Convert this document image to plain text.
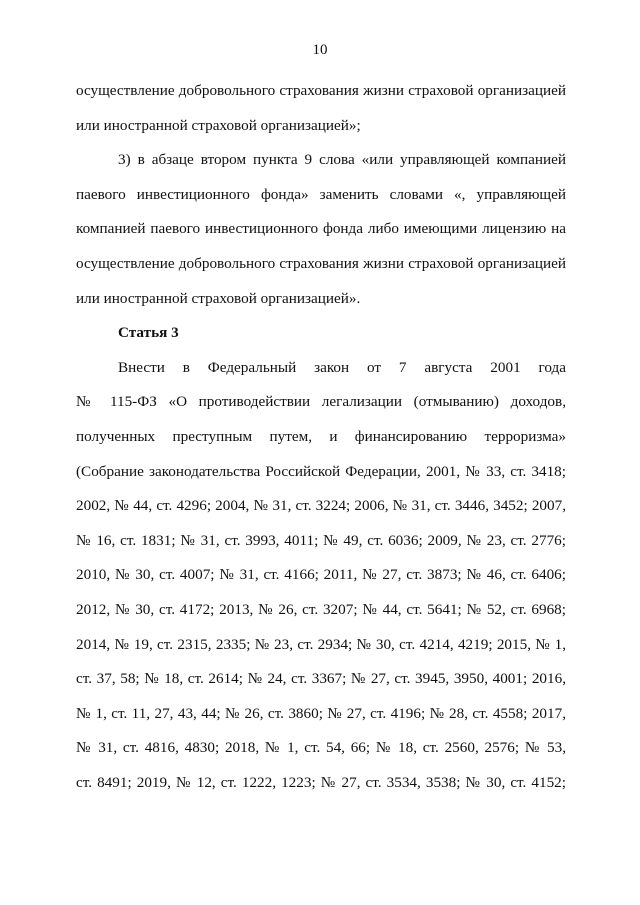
10
осуществление добровольного страхования жизни страховой организацией
или иностранной страховой организацией»;
3) в абзаце втором пункта 9 слова «или управляющей компанией
паевого инвестиционного фонда» заменить словами «, управляющей
компанией паевого инвестиционного фонда либо имеющими лицензию на
осуществление добровольного страхования жизни страховой организацией
или иностранной страховой организацией».
Статья 3
Внести в Федеральный закон от 7 августа 2001 года
№ 115-ФЗ «О противодействии легализации (отмыванию) доходов,
полученных преступным путем, и финансированию терроризма»
(Собрание законодательства Российской Федерации, 2001, № 33, ст. 3418;
2002, № 44, ст. 4296; 2004, № 31, ст. 3224; 2006, № 31, ст. 3446, 3452; 2007,
№ 16, ст. 1831; № 31, ст. 3993, 4011; № 49, ст. 6036; 2009, № 23, ст. 2776;
2010, № 30, ст. 4007; № 31, ст. 4166; 2011, № 27, ст. 3873; № 46, ст. 6406;
2012, № 30, ст. 4172; 2013, № 26, ст. 3207; № 44, ст. 5641; № 52, ст. 6968;
2014, № 19, ст. 2315, 2335; № 23, ст. 2934; № 30, ст. 4214, 4219; 2015, № 1,
ст. 37, 58; № 18, ст. 2614; № 24, ст. 3367; № 27, ст. 3945, 3950, 4001; 2016,
№ 1, ст. 11, 27, 43, 44; № 26, ст. 3860; № 27, ст. 4196; № 28, ст. 4558; 2017,
№ 31, ст. 4816, 4830; 2018, № 1, ст. 54, 66; № 18, ст. 2560, 2576; № 53,
ст. 8491; 2019, № 12, ст. 1222, 1223; № 27, ст. 3534, 3538; № 30, ст. 4152;
